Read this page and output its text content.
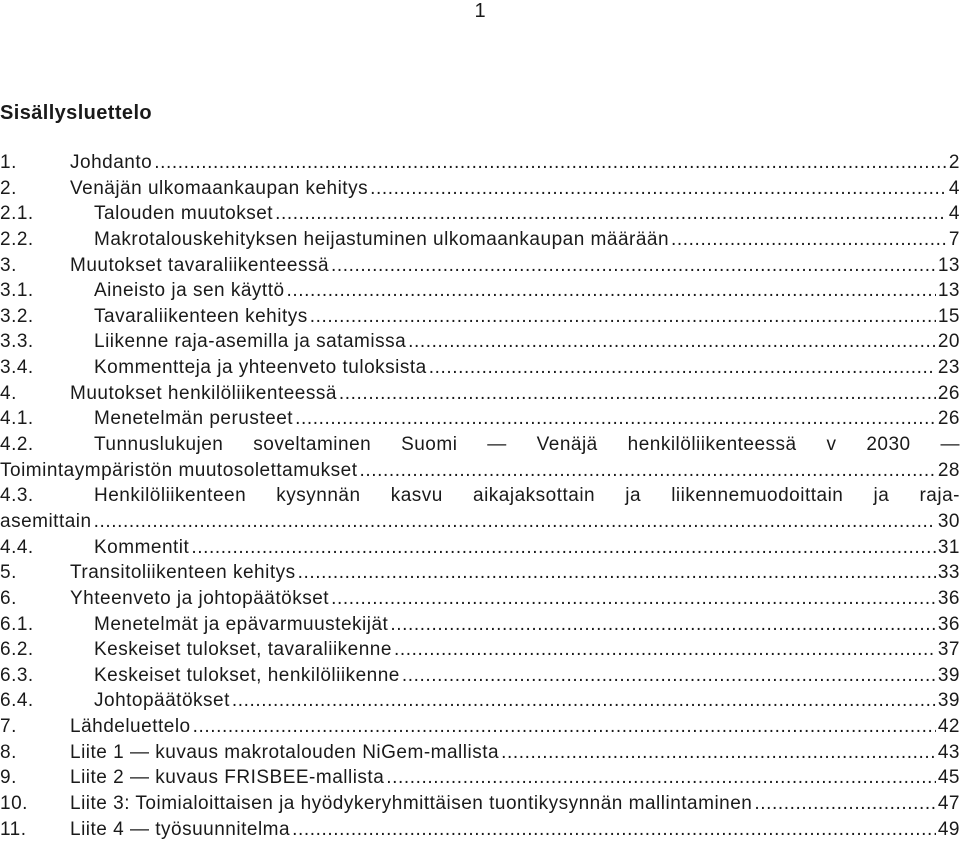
1
Sisällysluettelo
1.	Johdanto .....	2
2.	Venäjän ulkomaankaupan kehitys .....	4
2.1.	Talouden muutokset .....	4
2.2.	Makrotalouskehityksen heijastuminen ulkomaankaupan määrään .....	7
3.	Muutokset tavaraliikenteessä .....	13
3.1.	Aineisto ja sen käyttö .....	13
3.2.	Tavaraliikenteen kehitys .....	15
3.3.	Liikenne raja-asemilla ja satamissa .....	20
3.4.	Kommentteja ja yhteenveto tuloksista .....	23
4.	Muutokset henkilöliikenteessä .....	26
4.1.	Menetelmän perusteet .....	26
4.2.	Tunnuslukujen soveltaminen Suomi — Venäjä henkilöliikenteessä v 2030 —
Toimintaympäristön muutosolettamukset .....	28
4.3.	Henkilöliikenteen kysynnän kasvu aikajaksottain ja liikennemuodoittain ja raja-
asemittain .....	30
4.4.	Kommentit .....	31
5.	Transitoliikenteen kehitys .....	33
6.	Yhteenveto ja johtopäätökset .....	36
6.1.	Menetelmät ja epävarmuustekijät .....	36
6.2.	Keskeiset tulokset, tavaraliikenne .....	37
6.3.	Keskeiset tulokset, henkilöliikenne .....	39
6.4.	Johtopäätökset .....	39
7.	Lähdeluettelo .....	42
8.	Liite 1 — kuvaus makrotalouden NiGem-mallista .....	43
9.	Liite 2 — kuvaus FRISBEE-mallista .....	45
10.	Liite 3: Toimialoittaisen ja hyödykeryhmittäisen tuontikysynnän mallintaminen .....	47
11.	Liite 4 — työsuunnitelma .....	49
